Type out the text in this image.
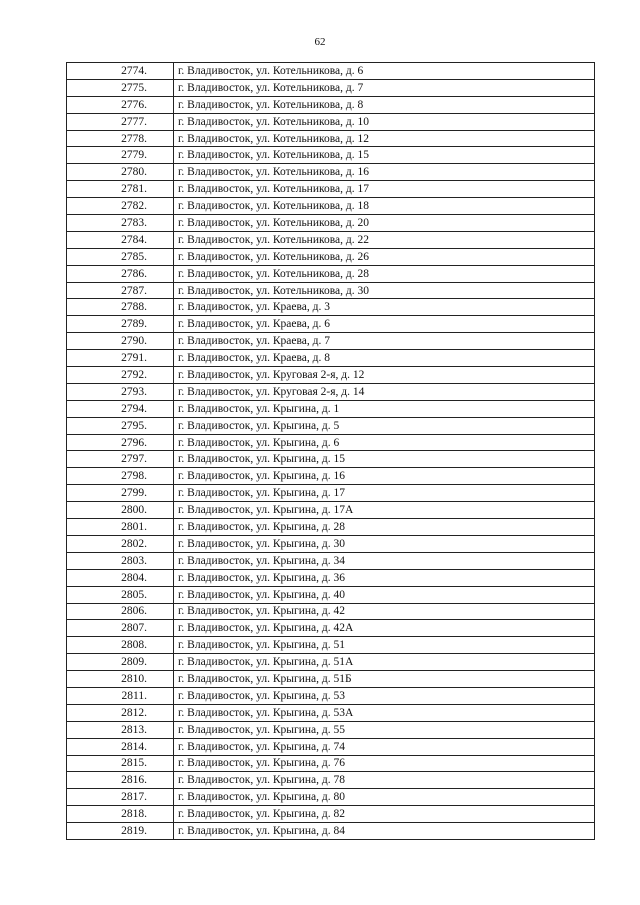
62
2774.	г. Владивосток, ул. Котельникова, д. 6
2775.	г. Владивосток, ул. Котельникова, д. 7
2776.	г. Владивосток, ул. Котельникова, д. 8
2777.	г. Владивосток, ул. Котельникова, д. 10
2778.	г. Владивосток, ул. Котельникова, д. 12
2779.	г. Владивосток, ул. Котельникова, д. 15
2780.	г. Владивосток, ул. Котельникова, д. 16
2781.	г. Владивосток, ул. Котельникова, д. 17
2782.	г. Владивосток, ул. Котельникова, д. 18
2783.	г. Владивосток, ул. Котельникова, д. 20
2784.	г. Владивосток, ул. Котельникова, д. 22
2785.	г. Владивосток, ул. Котельникова, д. 26
2786.	г. Владивосток, ул. Котельникова, д. 28
2787.	г. Владивосток, ул. Котельникова, д. 30
2788.	г. Владивосток, ул. Краева, д. 3
2789.	г. Владивосток, ул. Краева, д. 6
2790.	г. Владивосток, ул. Краева, д. 7
2791.	г. Владивосток, ул. Краева, д. 8
2792.	г. Владивосток, ул. Круговая 2-я, д. 12
2793.	г. Владивосток, ул. Круговая 2-я, д. 14
2794.	г. Владивосток, ул. Крыгина, д. 1
2795.	г. Владивосток, ул. Крыгина, д. 5
2796.	г. Владивосток, ул. Крыгина, д. 6
2797.	г. Владивосток, ул. Крыгина, д. 15
2798.	г. Владивосток, ул. Крыгина, д. 16
2799.	г. Владивосток, ул. Крыгина, д. 17
2800.	г. Владивосток, ул. Крыгина, д. 17А
2801.	г. Владивосток, ул. Крыгина, д. 28
2802.	г. Владивосток, ул. Крыгина, д. 30
2803.	г. Владивосток, ул. Крыгина, д. 34
2804.	г. Владивосток, ул. Крыгина, д. 36
2805.	г. Владивосток, ул. Крыгина, д. 40
2806.	г. Владивосток, ул. Крыгина, д. 42
2807.	г. Владивосток, ул. Крыгина, д. 42А
2808.	г. Владивосток, ул. Крыгина, д. 51
2809.	г. Владивосток, ул. Крыгина, д. 51А
2810.	г. Владивосток, ул. Крыгина, д. 51Б
2811.	г. Владивосток, ул. Крыгина, д. 53
2812.	г. Владивосток, ул. Крыгина, д. 53А
2813.	г. Владивосток, ул. Крыгина, д. 55
2814.	г. Владивосток, ул. Крыгина, д. 74
2815.	г. Владивосток, ул. Крыгина, д. 76
2816.	г. Владивосток, ул. Крыгина, д. 78
2817.	г. Владивосток, ул. Крыгина, д. 80
2818.	г. Владивосток, ул. Крыгина, д. 82
2819.	г. Владивосток, ул. Крыгина, д. 84
